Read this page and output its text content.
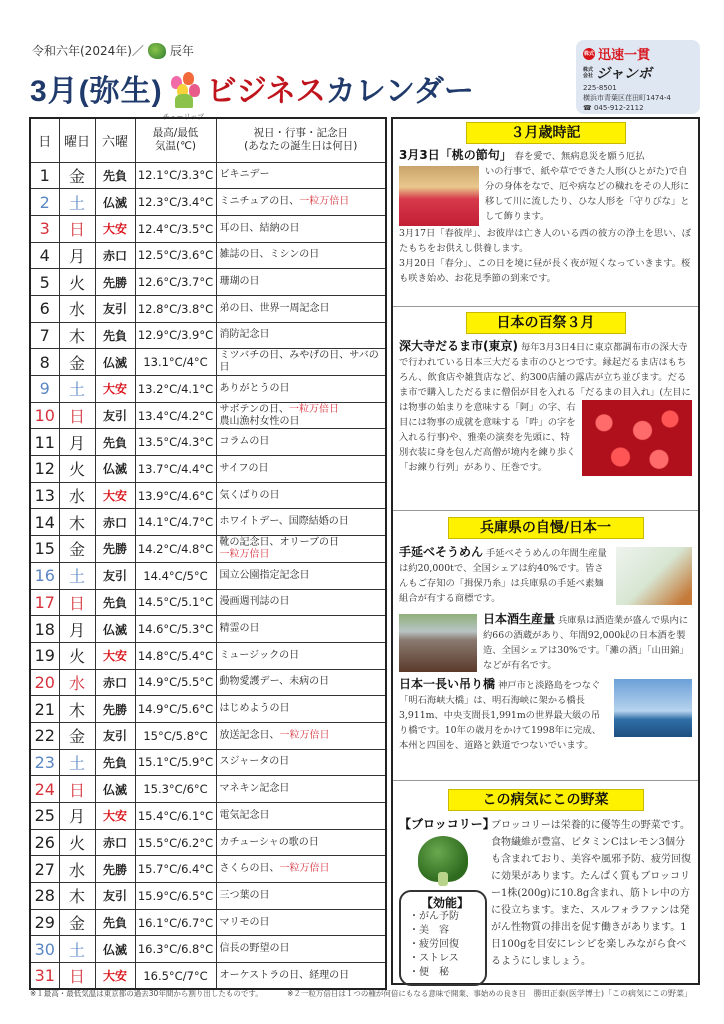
令和六年(2024年)／ 辰年
3月(弥生)
チューリップ
ビジネス カレンダー
株式 迅速一貫
株式会社 ジャンボ
225-8501
横浜市青葉区荏田町1474-4
☎ 045-912-2112
日	曜日	六曜	最高/最低
気温(℃)	祝日・行事・記念日
(あなたの誕生日は何日)
1	金	先負	12.1°C/3.3°C	ビキニデー
2	土	仏滅	12.3°C/3.4°C	ミニチュアの日、一粒万倍日
3	日	大安	12.4°C/3.5°C	耳の日、結納の日
4	月	赤口	12.5°C/3.6°C	雑誌の日、ミシンの日
5	火	先勝	12.6°C/3.7°C	珊瑚の日
6	水	友引	12.8°C/3.8°C	弟の日、世界一周記念日
7	木	先負	12.9°C/3.9°C	消防記念日
8	金	仏滅	13.1°C/4°C	ミツバチの日、みやげの日、サバの日
9	土	大安	13.2°C/4.1°C	ありがとうの日
10	日	友引	13.4°C/4.2°C	サボテンの日、一粒万倍日
農山漁村女性の日
11	月	先負	13.5°C/4.3°C	コラムの日
12	火	仏滅	13.7°C/4.4°C	サイフの日
13	水	大安	13.9°C/4.6°C	気くばりの日
14	木	赤口	14.1°C/4.7°C	ホワイトデー、国際結婚の日
15	金	先勝	14.2°C/4.8°C	靴の記念日、オリーブの日
一粒万倍日
16	土	友引	14.4°C/5°C	国立公園指定記念日
17	日	先負	14.5°C/5.1°C	漫画週刊誌の日
18	月	仏滅	14.6°C/5.3°C	精霊の日
19	火	大安	14.8°C/5.4°C	ミュージックの日
20	水	赤口	14.9°C/5.5°C	動物愛護デー、未病の日
21	木	先勝	14.9°C/5.6°C	はじめようの日
22	金	友引	15°C/5.8°C	放送記念日、一粒万倍日
23	土	先負	15.1°C/5.9°C	スジャータの日
24	日	仏滅	15.3°C/6°C	マネキン記念日
25	月	大安	15.4°C/6.1°C	電気記念日
26	火	赤口	15.5°C/6.2°C	カチューシャの歌の日
27	水	先勝	15.7°C/6.4°C	さくらの日、一粒万倍日
28	木	友引	15.9°C/6.5°C	三つ葉の日
29	金	先負	16.1°C/6.7°C	マリモの日
30	土	仏滅	16.3°C/6.8°C	信長の野望の日
31	日	大安	16.5°C/7°C	オーケストラの日、経理の日
３月歳時記
3月3日「桃の節句」 春を愛で、無病息災を願う厄払
いの行事で、紙や草でできた人形(ひとがた)で自分の身体をなで、厄や病などの穢れをその人形に移して川に流したり、ひな人形を「守りびな」として飾ります。
3月17日「春彼岸」、お彼岸は亡き人のいる西の彼方の浄土を思い、ぼたもちをお供えし供養します。
3月20日「春分」、この日を境に昼が長く夜が短くなっていきます。桜も咲き始め、お花見季節の到来です。
日本の百祭３月
深大寺だるま市(東京) 毎年3月3日4日に東京都調布市の深大寺で行われている日本三大だるま市のひとつです。縁起だるま店はもちろん、飲食店や雑貨店など、約300店舗の露店が立ち並びます。だるま市で購入しただるまに僧侶が目を入れる「だるまの目入れ」(左目には物事の始まりを意味
する「阿」の字、右目には物事の成就を意味する「吽」の字を入れる行事)や、雅楽の演奏を先頭に、特別衣装に身を包んだ高僧が境内を練り歩く「お練り行列」があり、圧巻です。
兵庫県の自慢/日本一
手延べそうめん 手延べそうめんの年間生産量は約20,000tで、全国シェアは約40%です。皆さんもご存知の「揖保乃糸」は兵庫県の手延べ素麺組合が有する商標です。
日本酒生産量 兵庫県は酒造業が盛んで県内に約66の酒蔵があり、年間92,000㎘の日本酒を製造、全国シェアは30%です。「灘の酒」「山田錦」などが有名です。
日本一長い吊り橋 神戸市と淡路島をつなぐ「明石海峡大橋」は、明石海峡に架かる橋長3,911m、中央支間長1,991mの世界最大級の吊り橋です。10年の歳月をかけて1998年に完成、本州と四国を、道路と鉄道でつないでいます。
この病気にこの野菜
【ブロッコリー】
【効能】
・がん予防
・美　容
・疲労回復
・ストレス
・便　秘
ブロッコリーは栄養的に優等生の野菜です。食物繊維が豊富、ビタミンCはレモン3個分も含まれており、美容や風邪予防、疲労回復に効果があります。たんぱく質もブロッコリー1株(200g)に10.8g含まれ、筋トレ中の方に役立ちます。また、スルフォラファンは発がん性物質の排出を促す働きがあります。1日100gを目安にレシピを楽しみながら食べるようにしましょう。
勝田正泰(医学博士)「この病気にこの野菜」
※１最高・最低気温は東京都の過去30年間から割り出したものです。	※２一粒万倍日は１つの種が何倍にもなる意味で開業、事始めの良き日
